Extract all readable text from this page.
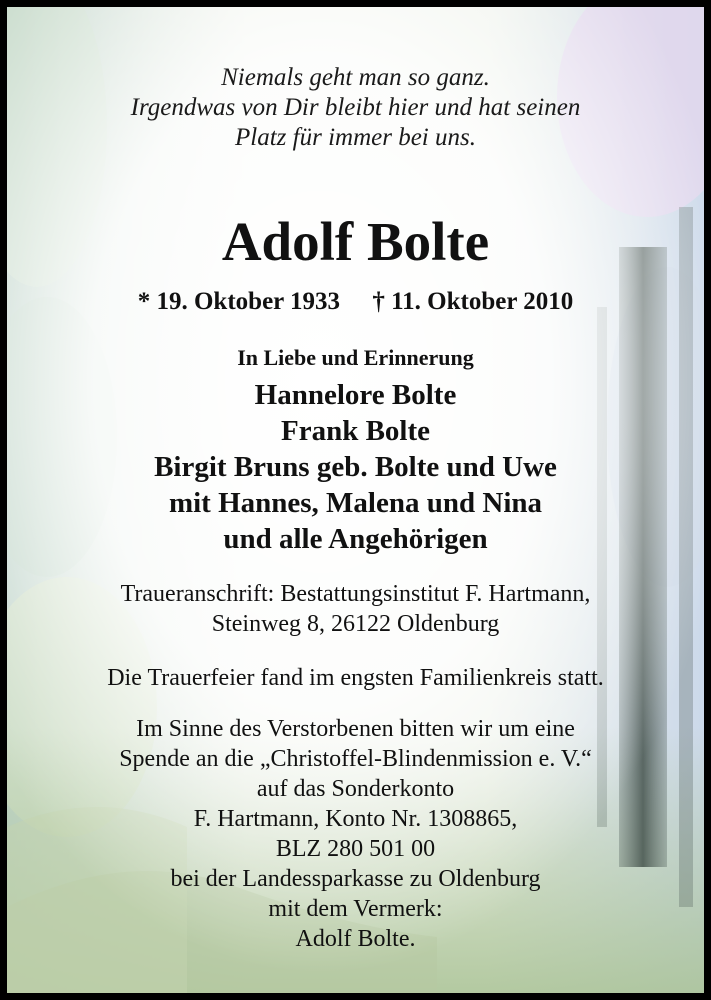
Niemals geht man so ganz.
Irgendwas von Dir bleibt hier und hat seinen
Platz für immer bei uns.
Adolf Bolte
* 19. Oktober 1933 † 11. Oktober 2010
In Liebe und Erinnerung
Hannelore Bolte
Frank Bolte
Birgit Bruns geb. Bolte und Uwe
mit Hannes, Malena und Nina
und alle Angehörigen
Traueranschrift: Bestattungsinstitut F. Hartmann,
Steinweg 8, 26122 Oldenburg
Die Trauerfeier fand im engsten Familienkreis statt.
Im Sinne des Verstorbenen bitten wir um eine
Spende an die „Christoffel-Blindenmission e. V.“
auf das Sonderkonto
F. Hartmann, Konto Nr. 1308865,
BLZ 280 501 00
bei der Landessparkasse zu Oldenburg
mit dem Vermerk:
Adolf Bolte.
